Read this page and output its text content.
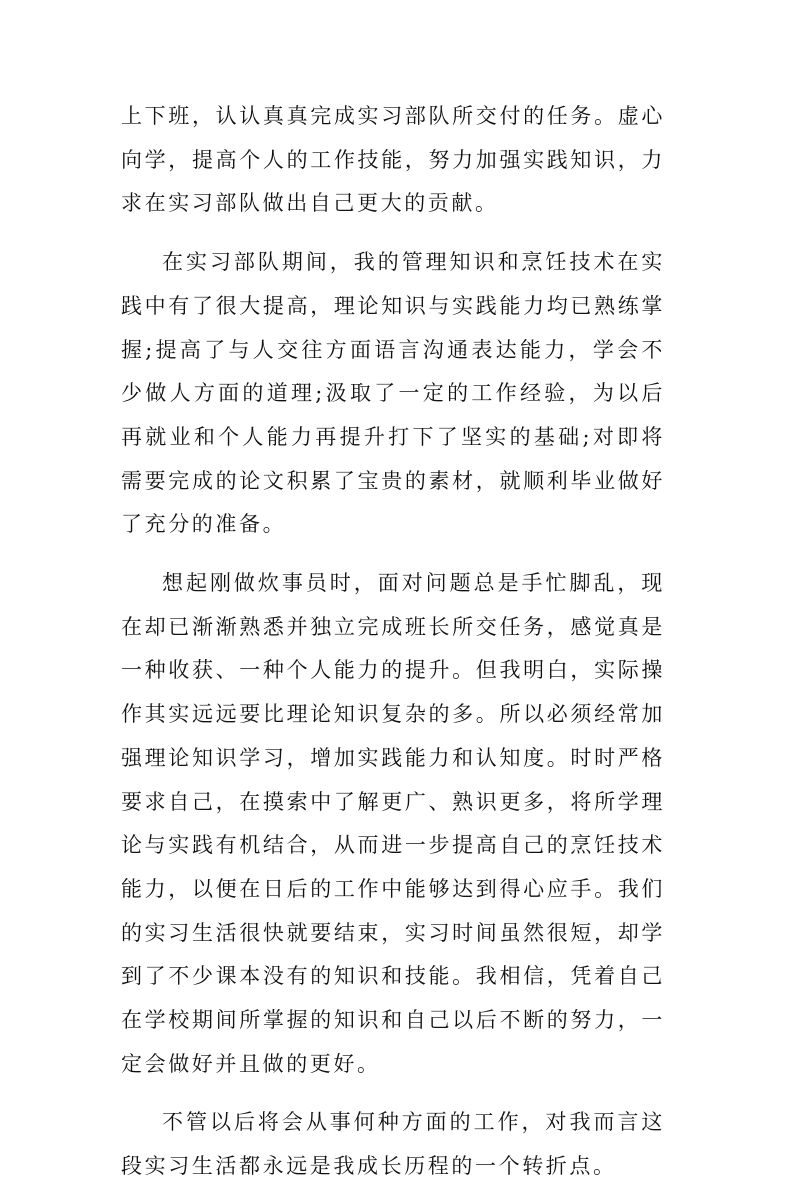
上下班，认认真真完成实习部队所交付的任务。虚心向学，提高个人的工作技能，努力加强实践知识，力求在实习部队做出自己更大的贡献。

在实习部队期间，我的管理知识和烹饪技术在实践中有了很大提高，理论知识与实践能力均已熟练掌握;提高了与人交往方面语言沟通表达能力，学会不少做人方面的道理;汲取了一定的工作经验，为以后再就业和个人能力再提升打下了坚实的基础;对即将需要完成的论文积累了宝贵的素材，就顺利毕业做好了充分的准备。

想起刚做炊事员时，面对问题总是手忙脚乱，现在却已渐渐熟悉并独立完成班长所交任务，感觉真是一种收获、一种个人能力的提升。但我明白，实际操作其实远远要比理论知识复杂的多。所以必须经常加强理论知识学习，增加实践能力和认知度。时时严格要求自己，在摸索中了解更广、熟识更多，将所学理论与实践有机结合，从而进一步提高自己的烹饪技术能力，以便在日后的工作中能够达到得心应手。我们的实习生活很快就要结束，实习时间虽然很短，却学到了不少课本没有的知识和技能。我相信，凭着自己在学校期间所掌握的知识和自己以后不断的努力，一定会做好并且做的更好。

不管以后将会从事何种方面的工作，对我而言这段实习生活都永远是我成长历程的一个转折点。
